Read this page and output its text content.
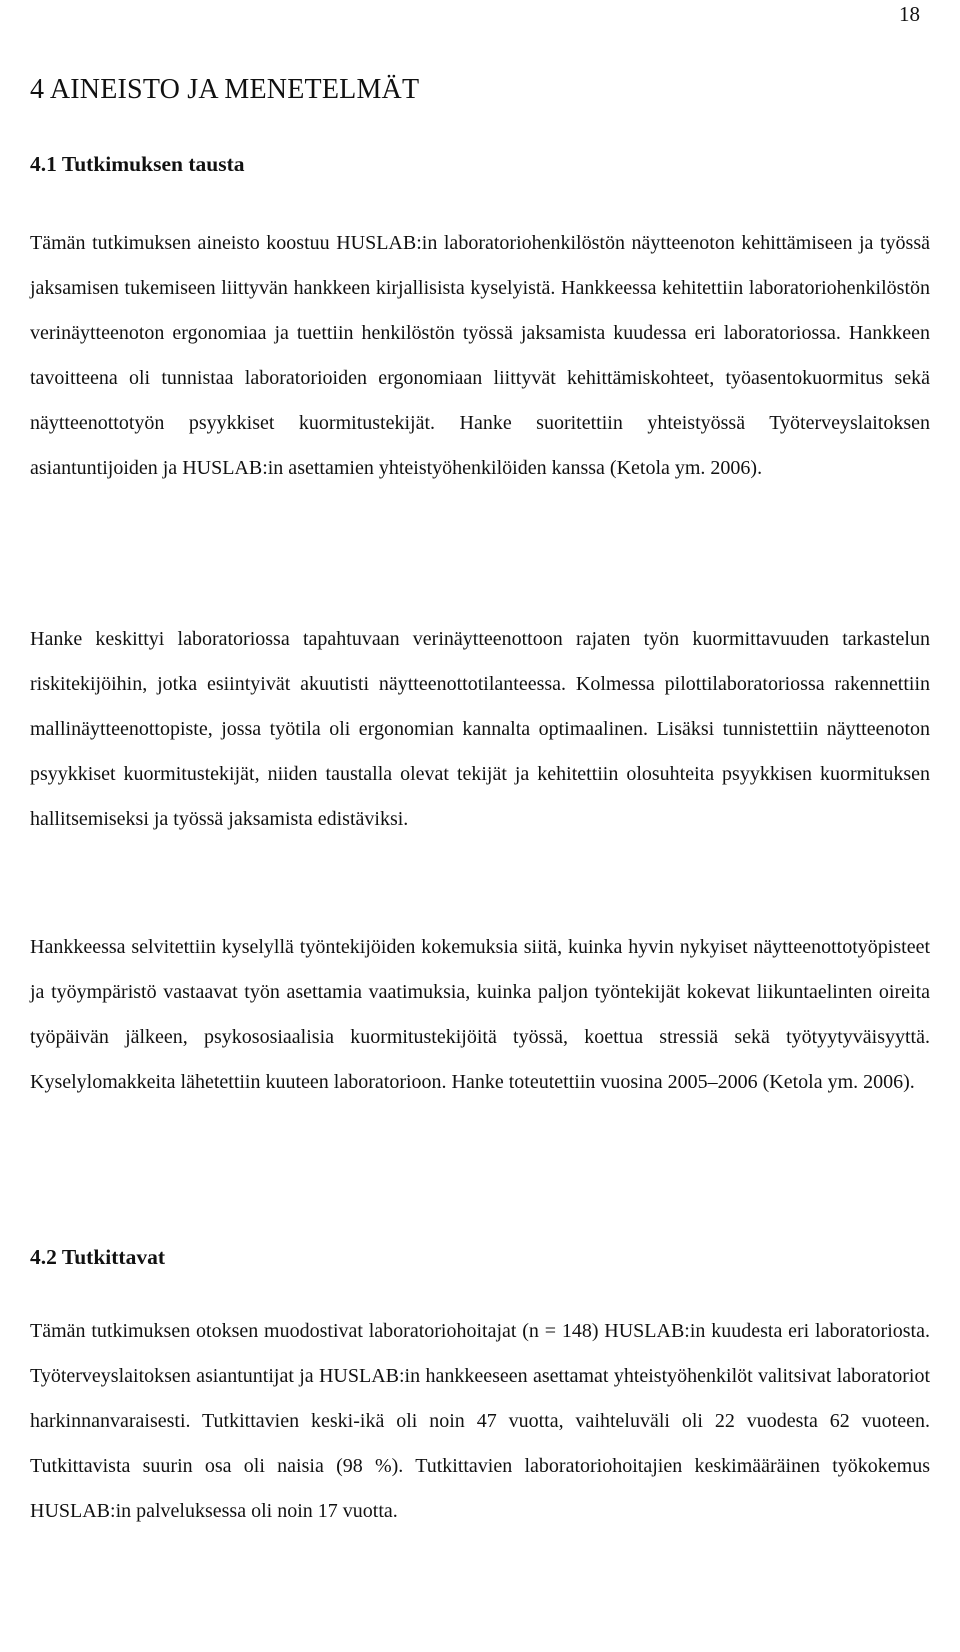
18
4 AINEISTO JA MENETELMÄT
4.1 Tutkimuksen tausta

Tämän tutkimuksen aineisto koostuu HUSLAB:in laboratoriohenkilöstön näytteenoton kehittämiseen ja työssä jaksamisen tukemiseen liittyvän hankkeen kirjallisista kyselyistä. Hankkeessa kehitettiin laboratoriohenkilöstön verinäytteenoton ergonomiaa ja tuettiin henkilöstön työssä jaksamista kuudessa eri laboratoriossa. Hankkeen tavoitteena oli tunnistaa laboratorioiden ergonomiaan liittyvät kehittämiskohteet, työasentokuormitus sekä näytteenottotyön psyykkiset kuormitustekijät. Hanke suoritettiin yhteistyössä Työterveyslaitoksen asiantuntijoiden ja HUSLAB:in asettamien yhteistyöhenkilöiden kanssa (Ketola ym. 2006).

Hanke keskittyi laboratoriossa tapahtuvaan verinäytteenottoon rajaten työn kuormittavuuden tarkastelun riskitekijöihin, jotka esiintyivät akuutisti näytteenottotilanteessa. Kolmessa pilottilaboratoriossa rakennettiin mallinäytteenottopiste, jossa työtila oli ergonomian kannalta optimaalinen. Lisäksi tunnistettiin näytteenoton psyykkiset kuormitustekijät, niiden taustalla olevat tekijät ja kehitettiin olosuhteita psyykkisen kuormituksen hallitsemiseksi ja työssä jaksamista edistäviksi.

Hankkeessa selvitettiin kyselyllä työntekijöiden kokemuksia siitä, kuinka hyvin nykyiset näytteenottotyöpisteet ja työympäristö vastaavat työn asettamia vaatimuksia, kuinka paljon työntekijät kokevat liikuntaelinten oireita työpäivän jälkeen, psykososiaalisia kuormitustekijöitä työssä, koettua stressiä sekä työtyytyväisyyttä. Kyselylomakkeita lähetettiin kuuteen laboratorioon. Hanke toteutettiin vuosina 2005–2006 (Ketola ym. 2006).

4.2 Tutkittavat

Tämän tutkimuksen otoksen muodostivat laboratoriohoitajat (n = 148) HUSLAB:in kuudesta eri laboratoriosta. Työterveyslaitoksen asiantuntijat ja HUSLAB:in hankkeeseen asettamat yhteistyöhenkilöt valitsivat laboratoriot harkinnanvaraisesti. Tutkittavien keski-ikä oli noin 47 vuotta, vaihteluväli oli 22 vuodesta 62 vuoteen. Tutkittavista suurin osa oli naisia (98 %). Tutkittavien laboratoriohoitajien keskimääräinen työkokemus HUSLAB:in palveluksessa oli noin 17 vuotta.
